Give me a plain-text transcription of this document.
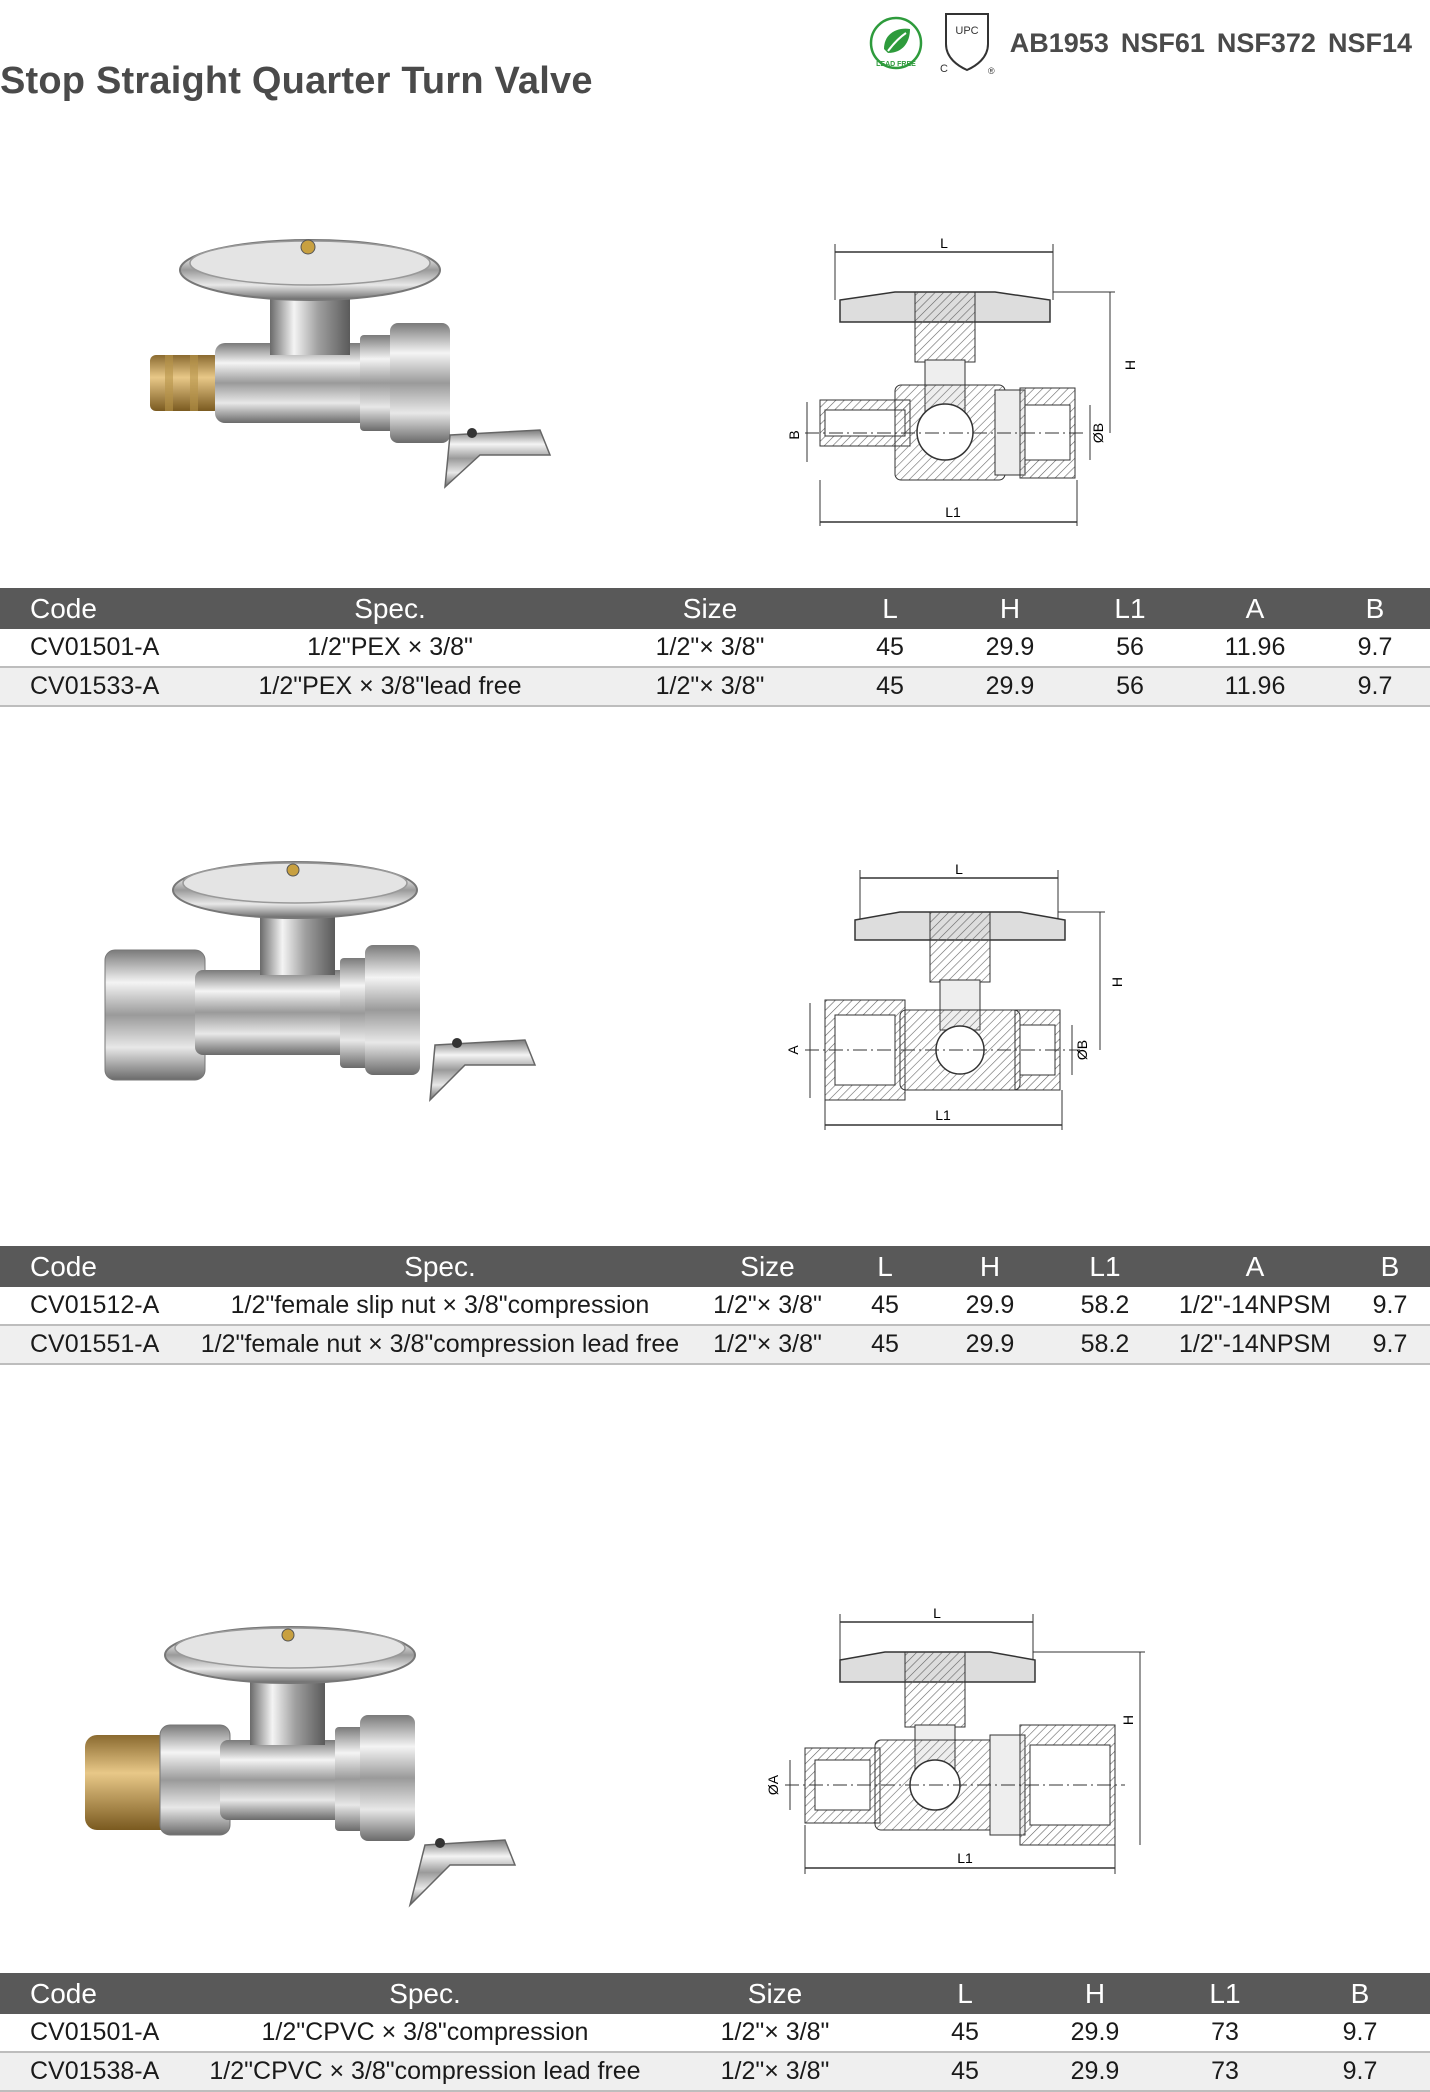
Stop Straight Quarter Turn Valve	LEAD FREE
UPC
C	®
AB1953 NSF61 NSF372 NSF14
L
B	ØB
H
L1
Code	Spec.	Size	L	H	L1	A	B
CV01501-A	1/2"PEX × 3/8"	1/2"× 3/8"	45	29.9	56	11.96	9.7
CV01533-A	1/2"PEX × 3/8"lead free	1/2"× 3/8"	45	29.9	56	11.96	9.7
L
A	ØB
H
L1
Code	Spec.	Size	L	H	L1	A	B
CV01512-A	1/2"female slip nut × 3/8"compression	1/2"× 3/8"	45	29.9	58.2	1/2"-14NPSM	9.7
CV01551-A	1/2"female nut × 3/8"compression lead free	1/2"× 3/8"	45	29.9	58.2	1/2"-14NPSM	9.7
L
ØA
H
L1
Code	Spec.	Size	L	H	L1	B
CV01501-A	1/2"CPVC × 3/8"compression	1/2"× 3/8"	45	29.9	73	9.7
CV01538-A	1/2"CPVC × 3/8"compression lead free	1/2"× 3/8"	45	29.9	73	9.7
